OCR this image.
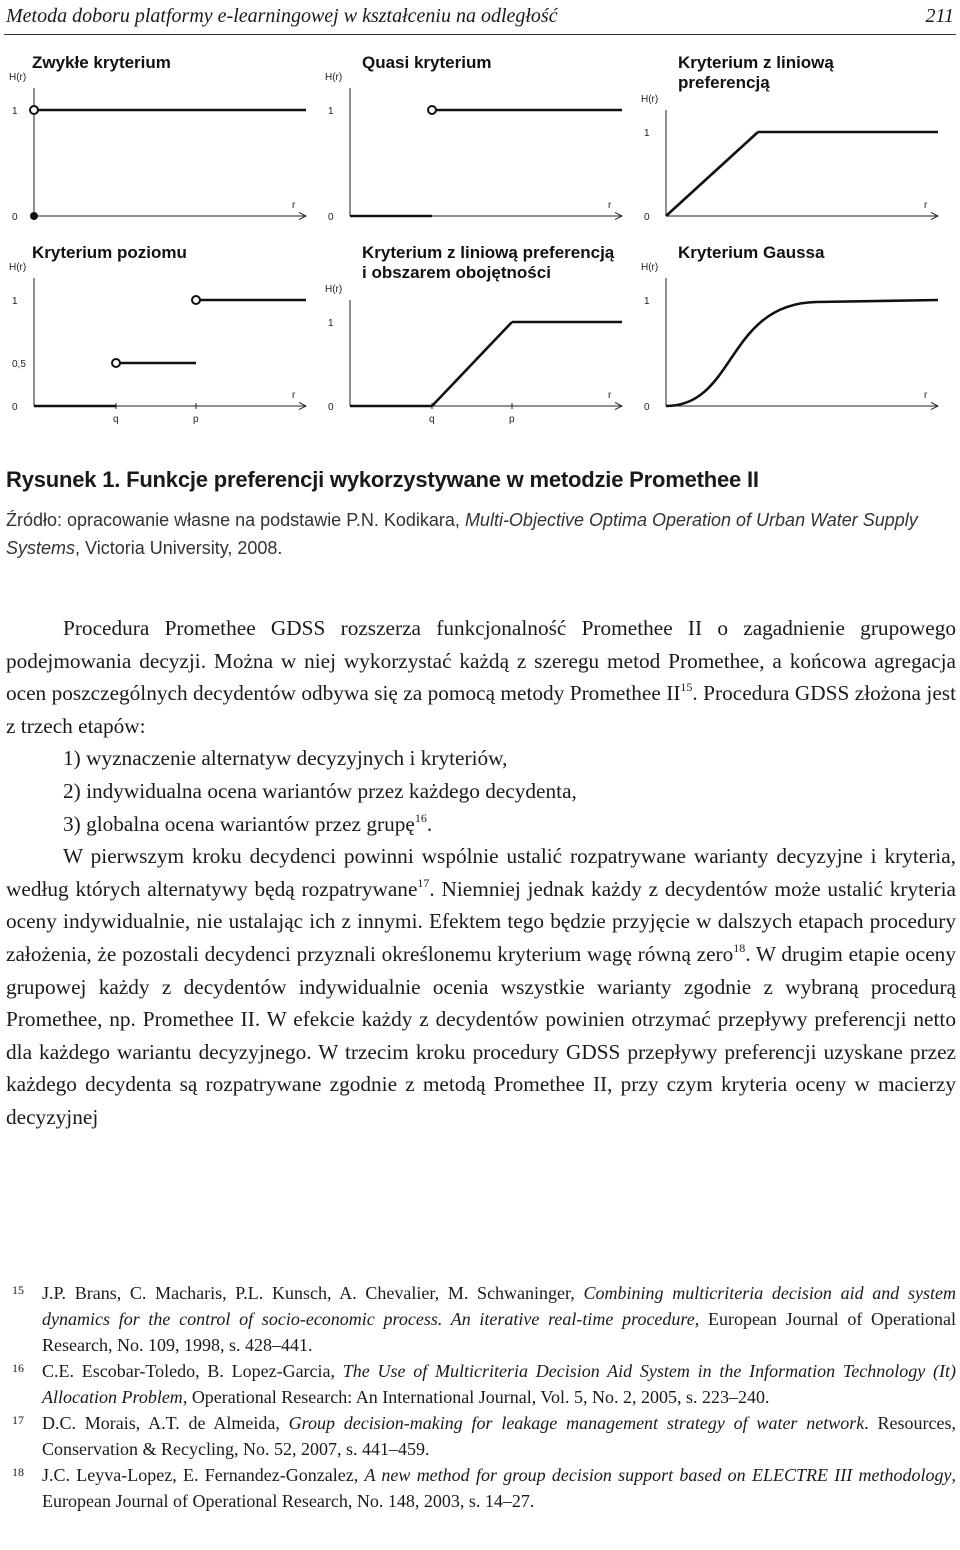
Metoda doboru platformy e-learningowej w kształceniu na odległość	211
Zwykłe kryterium
H(r)
r
1
0
Quasi kryterium
H(r)
r
1
0
Kryterium z liniową
preferencją
H(r)
r
1
0
Kryterium poziomu
H(r)
r
1
0,5
0
q	p
Kryterium z liniową preferencją
i obszarem obojętności
H(r)
r
1
0
q	p
Kryterium Gaussa
H(r)
r
1
0
Rysunek 1. Funkcje preferencji wykorzystywane w metodzie Promethee II
Źródło: opracowanie własne na podstawie P.N. Kodikara, Multi-Objective Optima Operation of Urban Water Supply Systems, Victoria University, 2008.

Procedura Promethee GDSS rozszerza funkcjonalność Promethee II o zagadnienie grupowego podejmowania decyzji. Można w niej wykorzystać każdą z szeregu metod Promethee, a końcowa agregacja ocen poszczególnych decydentów odbywa się za pomocą metody Promethee II$^{15}$. Procedura GDSS złożona jest z trzech etapów:

1) wyznaczenie alternatyw decyzyjnych i kryteriów,
2) indywidualna ocena wariantów przez każdego decydenta,
3) globalna ocena wariantów przez grupę$^{16}$.

W pierwszym kroku decydenci powinni wspólnie ustalić rozpatrywane warianty decyzyjne i kryteria, według których alternatywy będą rozpatrywane$^{17}$. Niemniej jednak każdy z decydentów może ustalić kryteria oceny indywidualnie, nie ustalając ich z innymi. Efektem tego będzie przyjęcie w dalszych etapach procedury założenia, że pozostali decydenci przyznali określonemu kryterium wagę równą zero$^{18}$. W drugim etapie oceny grupowej każdy z decydentów indywidualnie ocenia wszystkie warianty zgodnie z wybraną procedurą Promethee, np. Promethee II. W efekcie każdy z decydentów powinien otrzymać przepływy preferencji netto dla każdego wariantu decyzyjnego. W trzecim kroku procedury GDSS przepływy preferencji uzyskane przez każdego decydenta są rozpatrywane zgodnie z metodą Promethee II, przy czym kryteria oceny w macierzy decyzyjnej

15 J.P. Brans, C. Macharis, P.L. Kunsch, A. Chevalier, M. Schwaninger, Combining multicriteria decision aid and system dynamics for the control of socio-economic process. An iterative real-time procedure, European Journal of Operational Research, No. 109, 1998, s. 428–441.
16 C.E. Escobar-Toledo, B. Lopez-Garcia, The Use of Multicriteria Decision Aid System in the Information Technology (It) Allocation Problem, Operational Research: An International Journal, Vol. 5, No. 2, 2005, s. 223–240.
17 D.C. Morais, A.T. de Almeida, Group decision-making for leakage management strategy of water network. Resources, Conservation & Recycling, No. 52, 2007, s. 441–459.
18 J.C. Leyva-Lopez, E. Fernandez-Gonzalez, A new method for group decision support based on ELECTRE III methodology, European Journal of Operational Research, No. 148, 2003, s. 14–27.
